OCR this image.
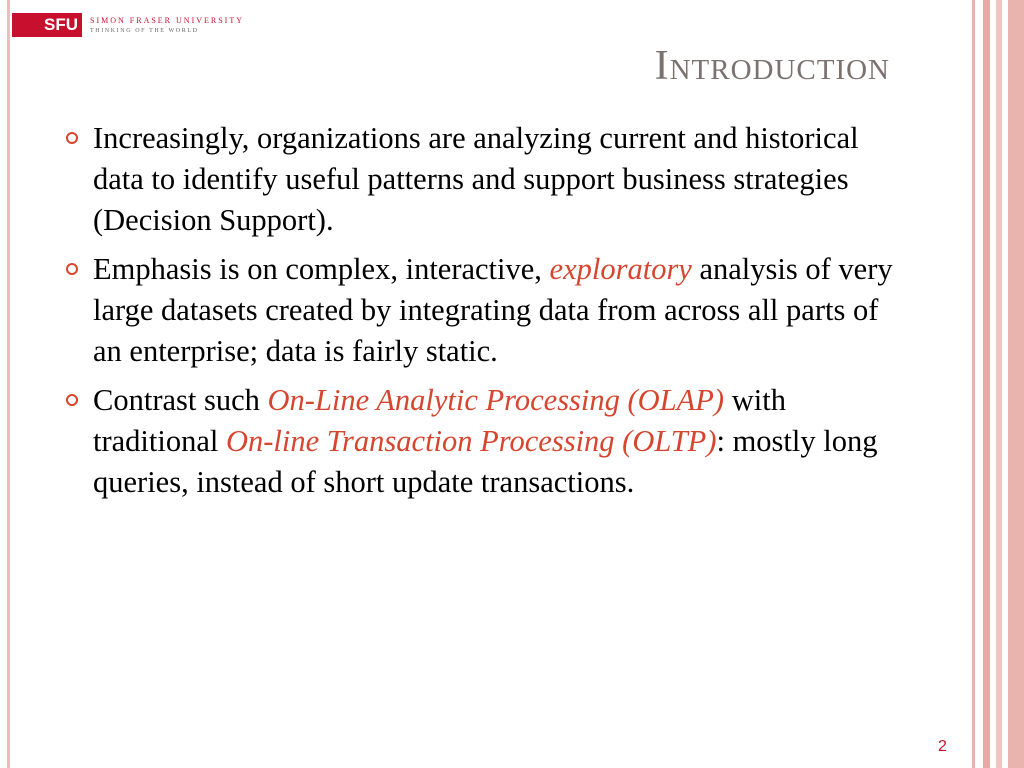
SFU	SIMON FRASER UNIVERSITY
THINKING OF THE WORLD
Introduction
Increasingly, organizations are analyzing current and historical data to identify useful patterns and support business strategies (Decision Support).
Emphasis is on complex, interactive, exploratory analysis of very large datasets created by integrating data from across all parts of an enterprise; data is fairly static.
Contrast such On-Line Analytic Processing (OLAP) with traditional On-line Transaction Processing (OLTP): mostly long queries, instead of short update transactions.
2
